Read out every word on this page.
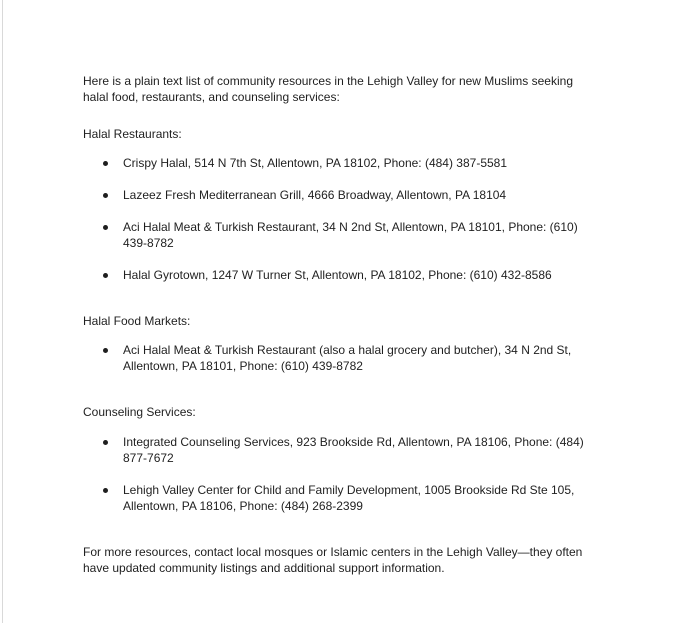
Here is a plain text list of community resources in the Lehigh Valley for new Muslims seeking halal food, restaurants, and counseling services:

Halal Restaurants:

Crispy Halal, 514 N 7th St, Allentown, PA 18102, Phone: (484) 387-5581
Lazeez Fresh Mediterranean Grill, 4666 Broadway, Allentown, PA 18104
Aci Halal Meat & Turkish Restaurant, 34 N 2nd St, Allentown, PA 18101, Phone: (610) 439-8782
Halal Gyrotown, 1247 W Turner St, Allentown, PA 18102, Phone: (610) 432-8586

Halal Food Markets:

Aci Halal Meat & Turkish Restaurant (also a halal grocery and butcher), 34 N 2nd St, Allentown, PA 18101, Phone: (610) 439-8782

Counseling Services:

Integrated Counseling Services, 923 Brookside Rd, Allentown, PA 18106, Phone: (484) 877-7672
Lehigh Valley Center for Child and Family Development, 1005 Brookside Rd Ste 105, Allentown, PA 18106, Phone: (484) 268-2399

For more resources, contact local mosques or Islamic centers in the Lehigh Valley—they often have updated community listings and additional support information.
